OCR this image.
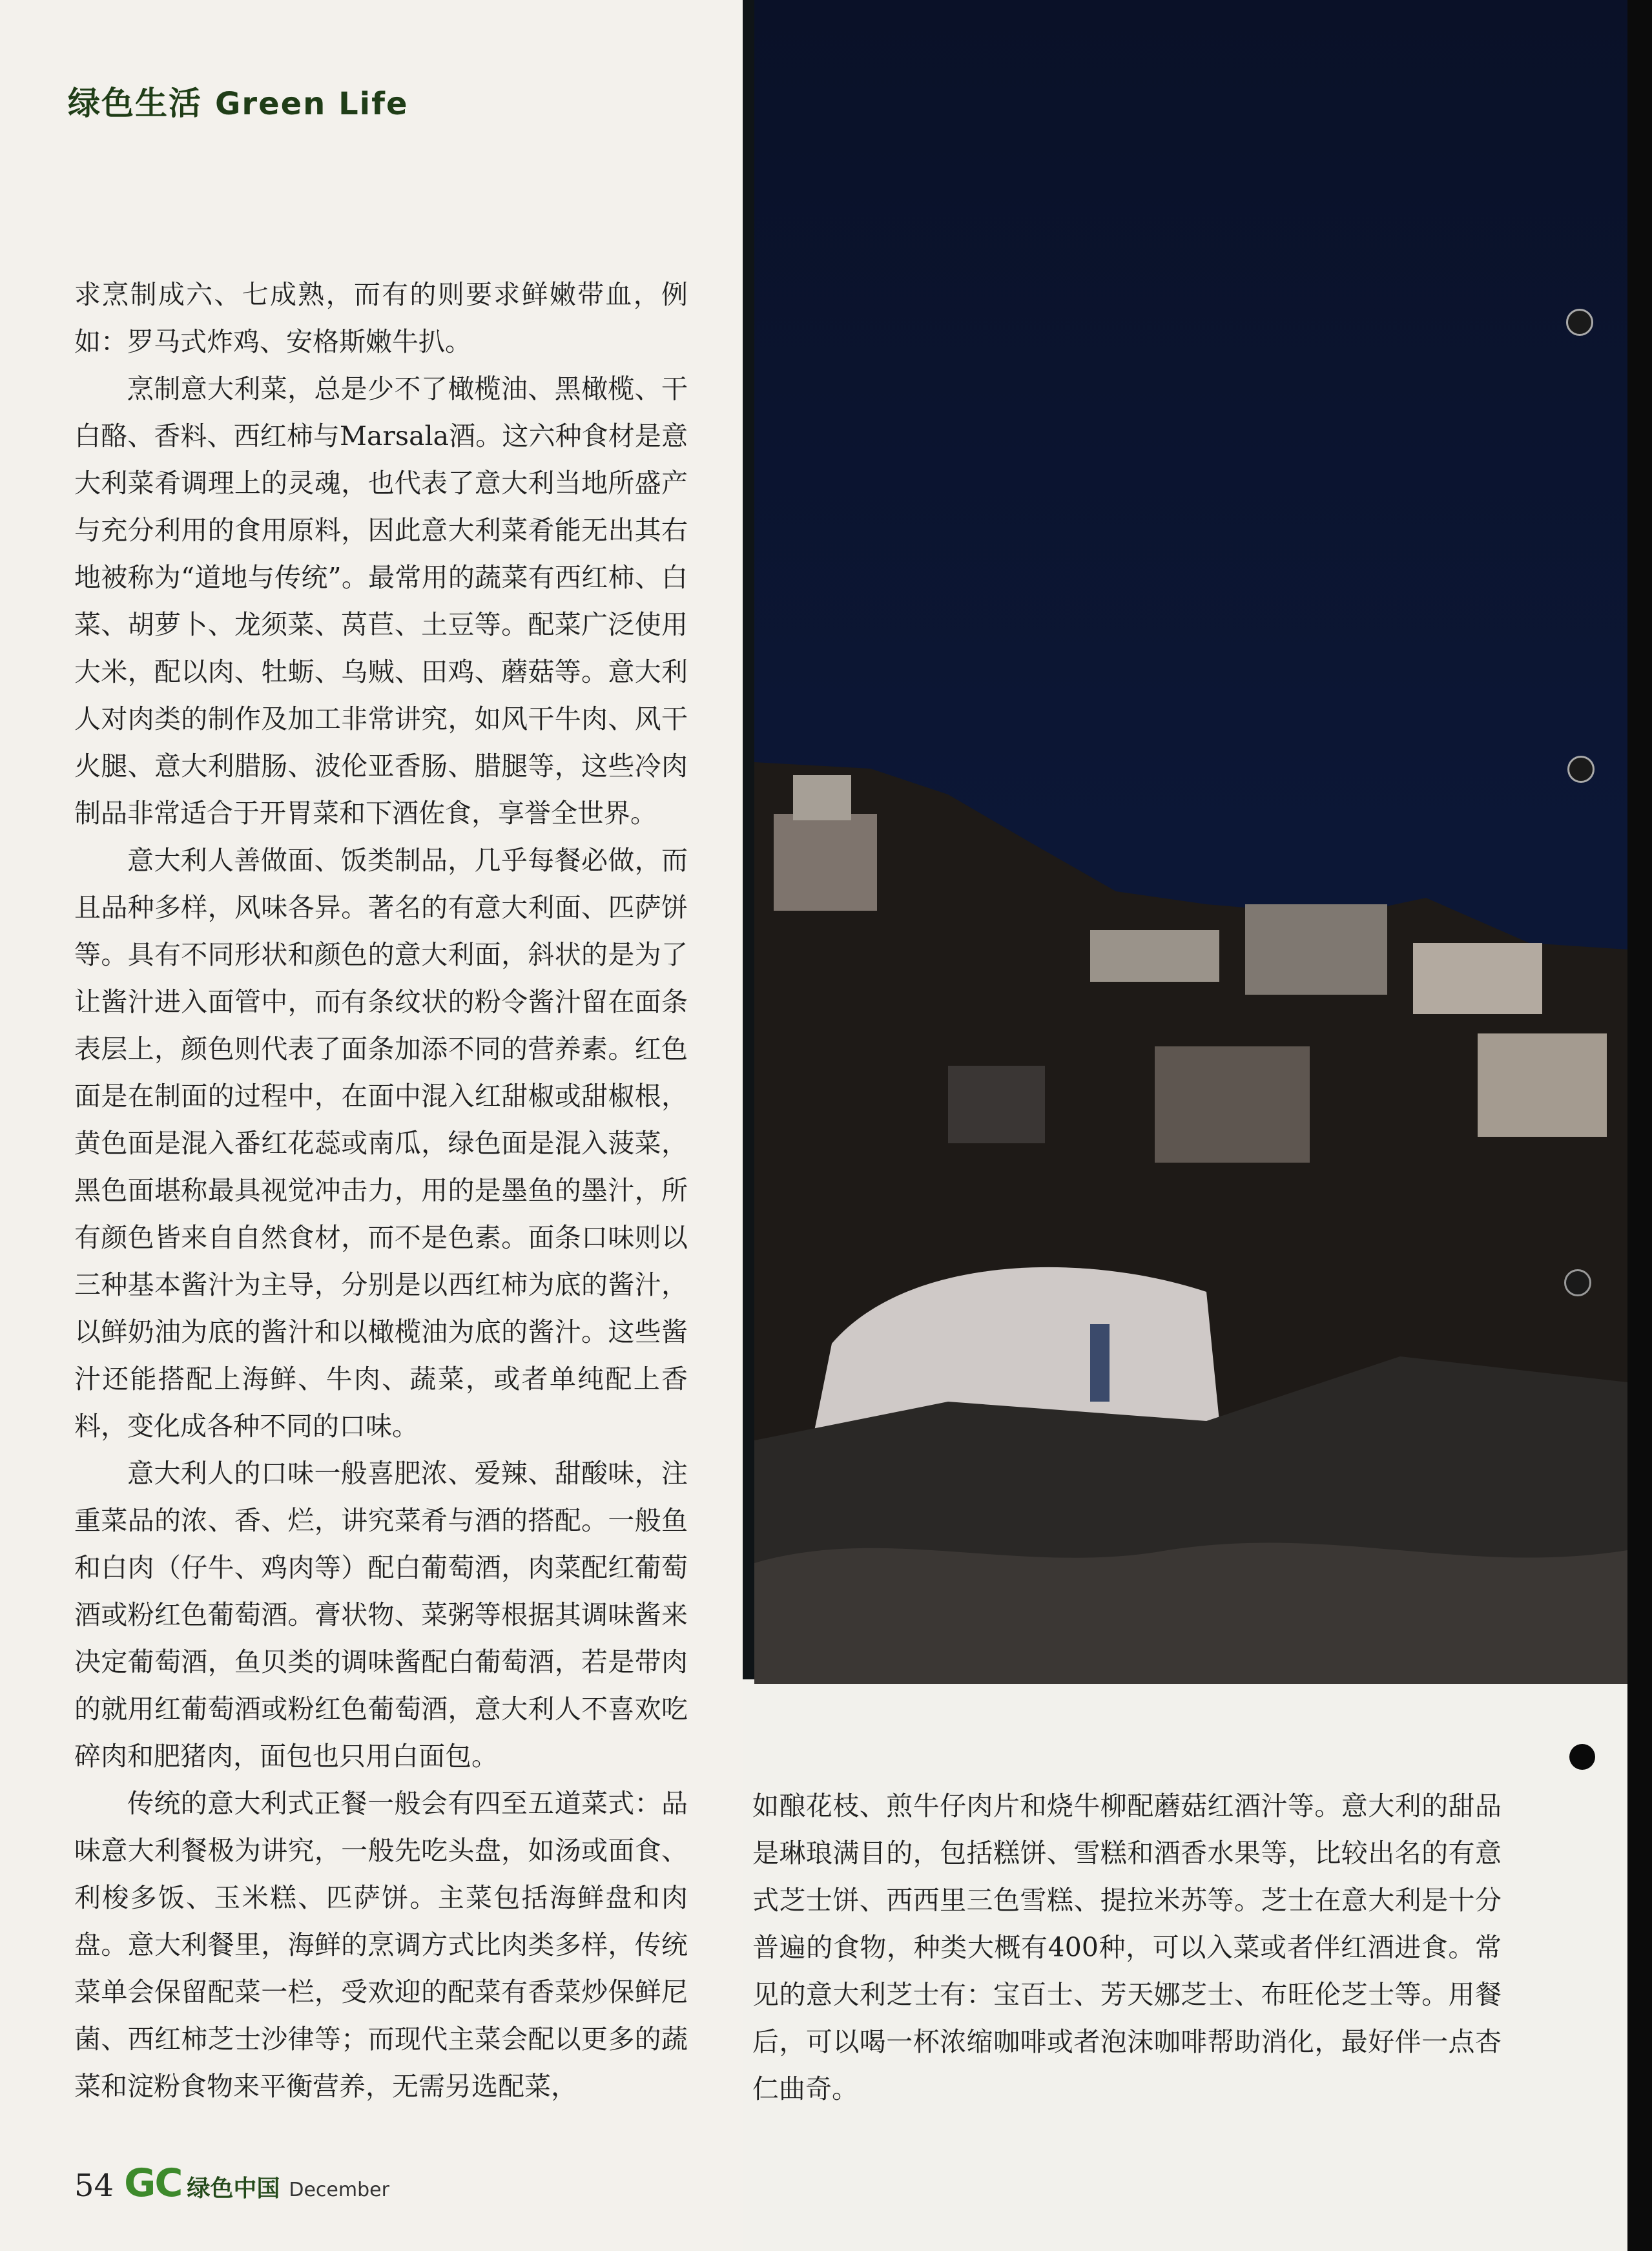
绿色生活 Green Life

求烹制成六、七成熟，而有的则要求鲜嫩带血，例如：罗马式炸鸡、安格斯嫩牛扒。

烹制意大利菜，总是少不了橄榄油、黑橄榄、干白酪、香料、西红柿与Marsala酒。这六种食材是意大利菜肴调理上的灵魂，也代表了意大利当地所盛产与充分利用的食用原料，因此意大利菜肴能无出其右地被称为“道地与传统”。最常用的蔬菜有西红柿、白菜、胡萝卜、龙须菜、莴苣、土豆等。配菜广泛使用大米，配以肉、牡蛎、乌贼、田鸡、蘑菇等。意大利人对肉类的制作及加工非常讲究，如风干牛肉、风干火腿、意大利腊肠、波伦亚香肠、腊腿等，这些冷肉制品非常适合于开胃菜和下酒佐食，享誉全世界。

意大利人善做面、饭类制品，几乎每餐必做，而且品种多样，风味各异。著名的有意大利面、匹萨饼等。具有不同形状和颜色的意大利面，斜状的是为了让酱汁进入面管中，而有条纹状的粉令酱汁留在面条表层上，颜色则代表了面条加添不同的营养素。红色面是在制面的过程中，在面中混入红甜椒或甜椒根，黄色面是混入番红花蕊或南瓜，绿色面是混入菠菜，黑色面堪称最具视觉冲击力，用的是墨鱼的墨汁，所有颜色皆来自自然食材，而不是色素。面条口味则以三种基本酱汁为主导，分别是以西红柿为底的酱汁，以鲜奶油为底的酱汁和以橄榄油为底的酱汁。这些酱汁还能搭配上海鲜、牛肉、蔬菜，或者单纯配上香料，变化成各种不同的口味。

意大利人的口味一般喜肥浓、爱辣、甜酸味，注重菜品的浓、香、烂，讲究菜肴与酒的搭配。一般鱼和白肉（仔牛、鸡肉等）配白葡萄酒，肉菜配红葡萄酒或粉红色葡萄酒。膏状物、菜粥等根据其调味酱来决定葡萄酒，鱼贝类的调味酱配白葡萄酒，若是带肉的就用红葡萄酒或粉红色葡萄酒，意大利人不喜欢吃碎肉和肥猪肉，面包也只用白面包。

传统的意大利式正餐一般会有四至五道菜式：品味意大利餐极为讲究，一般先吃头盘，如汤或面食、利梭多饭、玉米糕、匹萨饼。主菜包括海鲜盘和肉盘。意大利餐里，海鲜的烹调方式比肉类多样，传统菜单会保留配菜一栏，受欢迎的配菜有香菜炒保鲜尼菌、西红柿芝士沙律等；而现代主菜会配以更多的蔬菜和淀粉食物来平衡营养，无需另选配菜，

如酿花枝、煎牛仔肉片和烧牛柳配蘑菇红酒汁等。意大利的甜品是琳琅满目的，包括糕饼、雪糕和酒香水果等，比较出名的有意式芝士饼、西西里三色雪糕、提拉米苏等。芝士在意大利是十分普遍的食物，种类大概有400种，可以入菜或者伴红酒进食。常见的意大利芝士有：宝百士、芳天娜芝士、布旺伦芝士等。用餐后，可以喝一杯浓缩咖啡或者泡沫咖啡帮助消化，最好伴一点杏仁曲奇。

54 GC 绿色中国 December
